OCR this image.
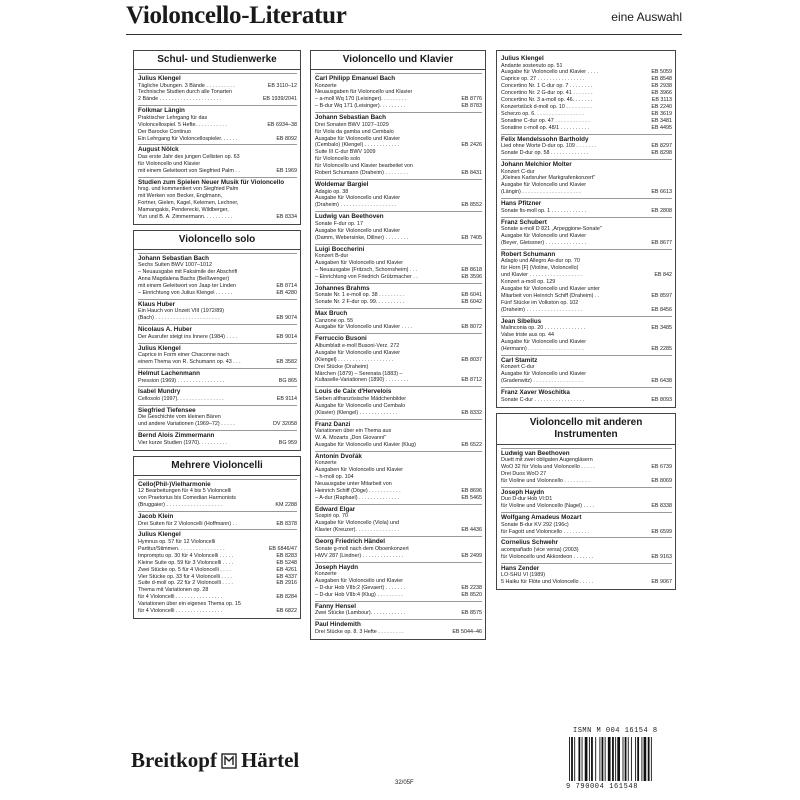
Violoncello-Literatur	eine Auswahl
Schul- und Studienwerke
Julius Klengel
Tägliche Übungen. 3 Bände . . . . . . . . . .	EB 3110–12
Technische Studien durch alle Tonarten
2 Bände . . . . . . . . . . . . . . . . . . . . .	EB 1939/2041
Folkmar Längin
Praktischer Lehrgang für das
Violoncellospiel. 5 Hefte. . . . . . . . . . .	EB 6934–38
Der Barocke Continuo
Ein Lehrgang für Violoncellospieler. . . . . .	EB 8092
August Nölck
Das erste Jahr des jungen Cellisten op. 63
für Violoncello und Klavier
mit einem Geleitwort von Siegfried Palm . .	EB 1969
Studien zum Spielen Neuer Musik für Violoncello
hrsg. und kommentiert von Siegfried Palm
mit Werken von Becker, Englmann,
Fortner, Gielen, Kagel, Kelemen, Lechner,
Mamangakis, Penderecki, Wildberger,
Yun und B. A. Zimmermann. . . . . . . . . .	EB 8334
Violoncello solo
Johann Sebastian Bach
Sechs Suiten BWV 1007–1012
– Neuausgabe mit Faksimile der Abschrift
Anna Magdalena Bachs (Beißwenger)
mit einem Geleitwort von Jaap ter Linden	EB 8714
– Einrichtung von Julius Klengel . . . . . .	EB 4280
Klaus Huber
Ein Hauch von Unzeit VIII (1972/89)
(Bach) . . . . . . . . . . . . . . . . . . . . . .	EB 9074
Nicolaus A. Huber
Der Ausrufer steigt ins Innere (1984) . . . .	EB 9014
Julius Klengel
Caprice in Form einer Chaconne nach
einem Thema von R. Schumann op. 43 . . .	EB 3582
Helmut Lachenmann
Pression (1969) . . . . . . . . . . . . . . . .	BG 865
Isabel Mundry
Celloso​lo (1997). . . . . . . . . . . . . . . .	EB 9114
Siegfried Tiefensee
Die Geschichte vom kleinen Bären
und andere Variationen (1969–72) . . . . .	DV 32058
Bernd Alois Zimmermann
Vier kurze Studien (1970). . . . . . . . . .	BG 959
Mehrere Violoncelli
Cello(Phil-)Vielharmonie
12 Bearbeitungen für 4 bis 5 Violoncelli
von Praetorius bis Comedian Harmonists
(Bruggaier) . . . . . . . . . . . . . . . . . . .	KM 2288
Jacob Klein
Drei Suiten für 2 Violoncelli (Hoffmann) . .	EB 8378
Julius Klengel
Hymnus op. 57 für 12 Violoncelli
Partitur/Stimmen. . . . . . . . . . . . . . . .	EB 6846/47
Impromptu op. 30 für 4 Violoncelli . . . . .	EB 8283
Kleine Suite op. 59 für 3 Violoncelli . . . .	EB 5248
Zwei Stücke op. 5 für 4 Violoncelli . . . .	EB 4261
Vier Stücke op. 33 für 4 Violoncelli . . . .	EB 4337
Suite d-moll op. 22 für 2 Violoncelli . . . .	EB 2916
Thema mit Variationen op. 28
für 4 Violoncelli . . . . . . . . . . . . . . . .	EB 8284
Variationen über ein eigenes Thema op. 15
für 4 Violoncelli . . . . . . . . . . . . . . . .	EB 6822
Violoncello und Klavier
Carl Philipp Emanuel Bach
Konzerte
Neuausgaben für Violoncello und Klavier
– a-moll Wq 170 (Leisinger). . . . . . . . .	EB 8776
– B-dur Wq 171 (Leisinger). . . . . . . . .	EB 8783
Johann Sebastian Bach
Drei Sonaten BWV 1027–1029
für Viola da gamba und Cembalo
Ausgabe für Violoncello und Klavier
(Cembalo) (Klengel) . . . . . . . . . . . .	EB 2426
Suite III C-dur BWV 1009
für Violoncello solo
für Violoncello und Klavier bearbeitet von
Robert Schumann (Draheim) . . . . . . . .	EB 8431
Woldemar Bargiel
Adagio op. 38
Ausgabe für Violoncello und Klavier
(Draheim) . . . . . . . . . . . . . . . . . . .	EB 8552
Ludwig van Beethoven
Sonate F-dur op. 17
Ausgabe für Violoncello und Klavier
(Damm, Webersinke, Dillner) . . . . . . . .	EB 7405
Luigi Boccherini
Konzert B-dur
Ausgaben für Violoncello und Klavier
– Neuausgabe (Fritzsch, Schornsheim) . . .	EB 8618
– Einrichtung von Friedrich Grützmacher . .	EB 3596
Johannes Brahms
Sonate Nr. 1 e-moll op. 38 . . . . . . . . .	EB 6041
Sonate Nr. 2 F-dur op. 99. . . . . . . . . .	EB 6042
Max Bruch
Canzone op. 55
Ausgabe für Violoncello und Klavier . . . .	EB 8072
Ferruccio Busoni
Albumblatt e-moll Busoni-Verz. 272
Ausgabe für Violoncello und Klavier
(Klengel) . . . . . . . . . . . . . . . . . . .	EB 8037
Drei Stücke (Draheim)
Märchen (1879) – Serenata (1883) –
Kultaselle-Variationen (1890) . . . . . . . .	EB 8712
Louis de Caix d'Hervelois
Sieben altfranzösische Mädchenbilder
Ausgabe für Violoncello und Cembalo
(Klavier) (Klengel) . . . . . . . . . . . . .	EB 8332
Franz Danzi
Variationen über ein Thema aus
W. A. Mozarts „Don Giovanni"
Ausgabe für Violoncello und Klavier (Klug)	EB 6522
Antonín Dvořák
Konzerte
Ausgaben für Violoncello und Klavier
– h-moll op. 104
Neuausgabe unter Mitarbeit von
Heinrich Schiff (Döge) . . . . . . . . . . .	EB 8696
– A-dur (Raphael) . . . . . . . . . . . . . .	EB 5465
Edward Elgar
Sospiri op. 70
Ausgabe für Violoncello (Viola) und
Klavier (Kreuzer). . . . . . . . . . . . . . .	EB 4436
Georg Friedrich Händel
Sonate g-moll nach dem Oboenkonzert
HWV 287 (Lindner) . . . . . . . . . . . . . .	EB 2499
Joseph Haydn
Konzerte
Ausgaben für Violoncello und Klavier
– D-dur Hob VIIb:2 (Gevaert) . . . . . . .	EB 2238
– D-dur Hob VIIb:4 (Klug) . . . . . . . . .	EB 8520
Fanny Hensel
Zwei Stücke (Lambour). . . . . . . . . . . .	EB 8575
Paul Hindemith
Drei Stücke op. 8. 3 Hefte . . . . . . . . .	EB 5044–46
Julius Klengel
Andante sostenuto op. 51
Ausgabe für Violoncello und Klavier . . . .	EB 5059
Caprice op. 27 . . . . . . . . . . . . . . . .	EB 8548
Concertino Nr. 1 C-dur op. 7 . . . . . . . .	EB 2938
Concertino Nr. 2 G-dur op. 41 . . . . . . .	EB 3966
Concertino Nr. 3 a-moll op. 46. . . . . . .	EB 3113
Konzertstück d-moll op. 10 . . . . . . . . .	EB 2240
Scherzo op. 6. . . . . . . . . . . . . . . . .	EB 3619
Sonatine C-dur op. 47 . . . . . . . . . . . .	EB 3481
Sonatine c-moll op. 48/1 . . . . . . . . . .	EB 4495
Felix Mendelssohn Bartholdy
Lied ohne Worte D-dur op. 109 . . . . . . .	EB 8297
Sonate D-dur op. 58 . . . . . . . . . . . . .	EB 8298
Johann Melchior Molter
Konzert C-dur
„Kleines Karlsruher Markgrafenkonzert"
Ausgabe für Violoncello und Klavier
(Längin) . . . . . . . . . . . . . . . . . . . .	EB 6613
Hans Pfitzner
Sonate fis-moll op. 1 . . . . . . . . . . . .	EB 2808
Franz Schubert
Sonate a-moll D 821 „Arpeggione-Sonate"
Ausgabe für Violoncello und Klavier
(Beyer, Gleissner) . . . . . . . . . . . . . .	EB 8677
Robert Schumann
Adagio und Allegro As-dur op. 70
für Horn [F] (Violine, Violoncello)
und Klavier . . . . . . . . . . . . . . . . . .	EB 842
Konzert a-moll op. 129
Ausgabe für Violoncello und Klavier unter
Mitarbeit von Heinrich Schiff (Draheim) . .	EB 8597
Fünf Stücke im Volkston op. 102
(Draheim) . . . . . . . . . . . . . . . . . . .	EB 8456
Jean Sibelius
Malinconia op. 20 . . . . . . . . . . . . . .	EB 3485
Valse triste aus op. 44
Ausgabe für Violoncello und Klavier
(Hermann) . . . . . . . . . . . . . . . . . . .	EB 2285
Carl Stamitz
Konzert C-dur
Ausgabe für Violoncello und Klavier
(Gradenwitz) . . . . . . . . . . . . . . . . .	EB 6438
Franz Xaver Woschitka
Sonate C-dur . . . . . . . . . . . . . . . . .	EB 8093
Violoncello mit anderen Instrumenten
Ludwig van Beethoven
Duett mit zwei obligaten Augengläsern
WoO 32 für Viola und Violoncello . . . . .	EB 6739
Drei Duos WoO 27
für Violine und Violoncello . . . . . . . . .	EB 8069
Joseph Haydn
Duo D-dur Hob VI:D1
für Violine und Violoncello (Nagel) . . . .	EB 8338
Wolfgang Amadeus Mozart
Sonate B-dur KV 292 (196c)
für Fagott und Violoncello . . . . . . . . .	EB 6599
Cornelius Schwehr
acompañado (vice versa) (2003)
für Violoncello und Akkordeon . . . . . . .	EB 9163
Hans Zender
LO-SHU VI (1989)
5 Haiku für Flöte und Violoncello . . . . .	EB 9067
Breitkopf Härtel
32/05F
ISMN M 004 16154 8
9 790004 161548
